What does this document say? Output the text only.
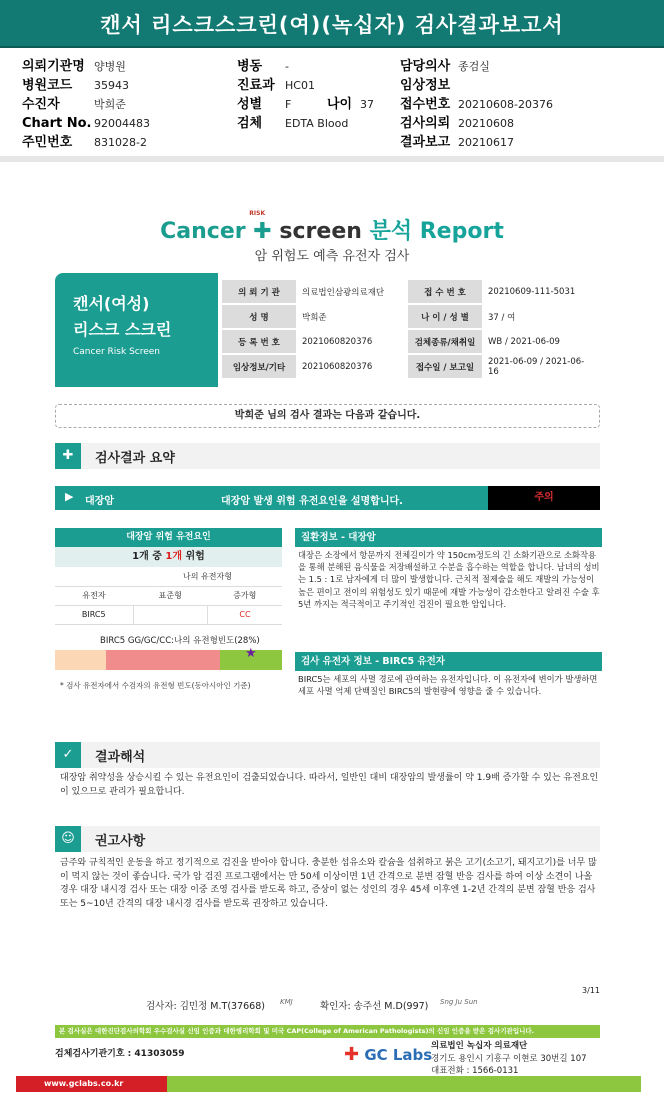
캔서 리스크스크린(여)(녹십자) 검사결과보고서
의뢰기관명 양병원
병원코드 35943
수진자	박희준
Chart No. 92004483
주민번호 831028-2
병동 -
진료과 HC01
성별 F	나이 37
검체 EDTA Blood
담당의사 종검실
임상정보
접수번호 20210608-20376
검사의뢰 20210608
결과보고 20210617
Cancer ✚
RISK
screen 분석 Report
암 위험도 예측 유전자 검사
캔서(여성)
리스크 스크린
Cancer Risk Screen
의 뢰 기 관	의료법인삼광의료재단	접 수 번 호	20210609-111-5031
성 명	박희준	나 이 / 성 별	37 / 여
등 록 번 호	2021060820376	검체종류/채취일	WB / 2021-06-09
임상정보/기타	2021060820376	접수일 / 보고일	2021-06-09 / 2021-06-16
박희준 님의 검사 결과는 다음과 같습니다.
✚	검사결과 요약
▶ 대장암	대장암 발생 위험 유전요인을 설명합니다.	주의
대장암 위험 유전요인
1개 중 1개 위험
	나의 유전자형	
유전자	표준형	증가형
BIRC5		CC
BIRC5 GG/GC/CC:나의 유전형빈도(28%)
★
* 검사 유전자에서 수검자의 유전형 빈도(동아시아인 기준)
질환정보 - 대장암
대장은 소장에서 항문까지 전체길이가 약 150cm정도의 긴 소화기관으로 소화작용을 통해 분해된 음식물을 저장배설하고 수분을 흡수하는 역할을 합니다. 남녀의 성비는 1.5 : 1로 남자에게 더 많이 발생합니다. 근치적 절제술을 해도 재발의 가능성이 높은 편이고 전이의 위험성도 있기 때문에 재발 가능성이 감소한다고 알려진 수술 후 5년 까지는 적극적이고 주기적인 검진이 필요한 암입니다.
검사 유전자 정보 - BIRC5 유전자
BIRC5는 세포의 사멸 경로에 관여하는 유전자입니다. 이 유전자에 변이가 발생하면 세포 사멸 억제 단백질인 BIRC5의 발현량에 영향을 줄 수 있습니다.
✓	결과해석
대장암 취약성을 상승시킬 수 있는 유전요인이 검출되었습니다. 따라서, 일반인 대비 대장암의 발생률이 약 1.9배 증가할 수 있는 유전요인이 있으므로 관리가 필요합니다.
☺	권고사항
금주와 규칙적인 운동을 하고 정기적으로 검진을 받아야 합니다. 충분한 섬유소와 칼슘을 섭취하고 붉은 고기(소고기, 돼지고기)를 너무 많이 먹지 않는 것이 좋습니다. 국가 암 검진 프로그램에서는 만 50세 이상이면 1년 간격으로 분변 잠혈 반응 검사를 하여 이상 소견이 나올 경우 대장 내시경 검사 또는 대장 이중 조영 검사를 받도록 하고, 증상이 없는 성인의 경우 45세 이후엔 1-2년 간격의 분변 잠혈 반응 검사 또는 5~10년 간격의 대장 내시경 검사를 받도록 권장하고 있습니다.
3/11
검사자: 김민정 M.T(37668) KMJ	확인자: 송주선 M.D(997) Sng Ju Sun
본 검사실은 대한진단검사의학회 우수검사실 신임 인증과 대한병리학회 및 미국 CAP(College of American Pathologists)의 신임 인증을 받은 검사기관입니다.
검체검사기관기호 : 41303059	✚ GC Labs
의료법인 녹십자 의료재단
경기도 용인시 기흥구 이현로 30번길 107
대표전화 : 1566-0131
www.gclabs.co.kr
